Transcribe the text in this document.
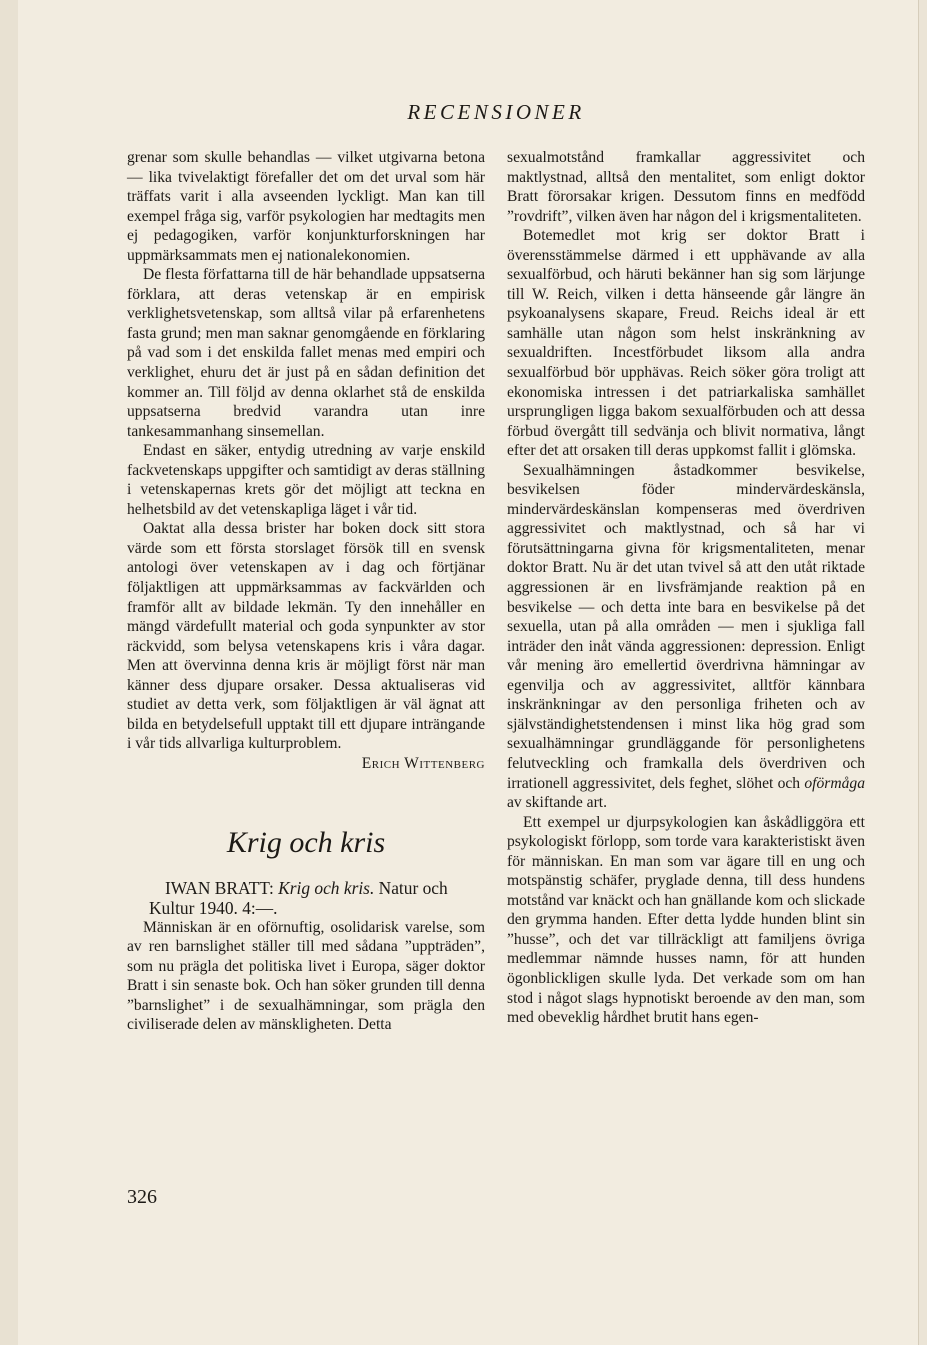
RECENSIONER

grenar som skulle behandlas — vilket utgivarna betona — lika tvivelaktigt förefaller det om det urval som här träffats varit i alla avseenden lyckligt. Man kan till exempel fråga sig, varför psykologien har medtagits men ej pedagogiken, varför konjunkturforskningen har uppmärksammats men ej nationalekonomien.

De flesta författarna till de här behandlade uppsatserna förklara, att deras vetenskap är en empirisk verklighetsvetenskap, som alltså vilar på erfarenhetens fasta grund; men man saknar genomgående en förklaring på vad som i det enskilda fallet menas med empiri och verklighet, ehuru det är just på en sådan definition det kommer an. Till följd av denna oklarhet stå de enskilda uppsatserna bredvid varandra utan inre tankesammanhang sinsemellan.

Endast en säker, entydig utredning av varje enskild fackvetenskaps uppgifter och samtidigt av deras ställning i vetenskapernas krets gör det möjligt att teckna en helhetsbild av det vetenskapliga läget i vår tid.

Oaktat alla dessa brister har boken dock sitt stora värde som ett första storslaget försök till en svensk antologi över vetenskapen av i dag och förtjänar följaktligen att uppmärksammas av fackvärlden och framför allt av bildade lekmän. Ty den innehåller en mängd värdefullt material och goda synpunkter av stor räckvidd, som belysa vetenskapens kris i våra dagar. Men att övervinna denna kris är möjligt först när man känner dess djupare orsaker. Dessa aktualiseras vid studiet av detta verk, som följaktligen är väl ägnat att bilda en betydelsefull upptakt till ett djupare inträngande i vår tids allvarliga kulturproblem.

Erich Wittenberg

Krig och kris

IWAN BRATT: Krig och kris. Natur och Kultur 1940. 4:—.

Människan är en oförnuftig, osolidarisk varelse, som av ren barnslighet ställer till med sådana ”uppträden”, som nu prägla det politiska livet i Europa, säger doktor Bratt i sin senaste bok. Och han söker grunden till denna ”barnslighet” i de sexualhämningar, som prägla den civiliserade delen av mänskligheten. Detta

sexualmotstånd framkallar aggressivitet och maktlystnad, alltså den mentalitet, som enligt doktor Bratt förorsakar krigen. Dessutom finns en medfödd ”rovdrift”, vilken även har någon del i krigsmentaliteten.

Botemedlet mot krig ser doktor Bratt i överensstämmelse därmed i ett upphävande av alla sexualförbud, och häruti bekänner han sig som lärjunge till W. Reich, vilken i detta hänseende går längre än psykoanalysens skapare, Freud. Reichs ideal är ett samhälle utan någon som helst inskränkning av sexualdriften. Incestförbudet liksom alla andra sexualförbud bör upphävas. Reich söker göra troligt att ekonomiska intressen i det patriarkaliska samhället ursprungligen ligga bakom sexualförbuden och att dessa förbud övergått till sedvänja och blivit normativa, långt efter det att orsaken till deras uppkomst fallit i glömska.

Sexualhämningen åstadkommer besvikelse, besvikelsen föder mindervärdeskänsla, mindervärdeskänslan kompenseras med överdriven aggressivitet och maktlystnad, och så har vi förutsättningarna givna för krigsmentaliteten, menar doktor Bratt. Nu är det utan tvivel så att den utåt riktade aggressionen är en livsfrämjande reaktion på en besvikelse — och detta inte bara en besvikelse på det sexuella, utan på alla områden — men i sjukliga fall inträder den inåt vända aggressionen: depression. Enligt vår mening äro emellertid överdrivna hämningar av egenvilja och av aggressivitet, alltför kännbara inskränkningar av den personliga friheten och av självständighetstendensen i minst lika hög grad som sexualhämningar grundläggande för personlighetens felutveckling och framkalla dels överdriven och irrationell aggressivitet, dels feghet, slöhet och oförmåga av skiftande art.

Ett exempel ur djurpsykologien kan åskådliggöra ett psykologiskt förlopp, som torde vara karakteristiskt även för människan. En man som var ägare till en ung och motspänstig schäfer, pryglade denna, till dess hundens motstånd var knäckt och han gnällande kom och slickade den grymma handen. Efter detta lydde hunden blint sin ”husse”, och det var tillräckligt att familjens övriga medlemmar nämnde husses namn, för att hunden ögonblickligen skulle lyda. Det verkade som om han stod i något slags hypnotiskt beroende av den man, som med obeveklig hårdhet brutit hans egen-

326
